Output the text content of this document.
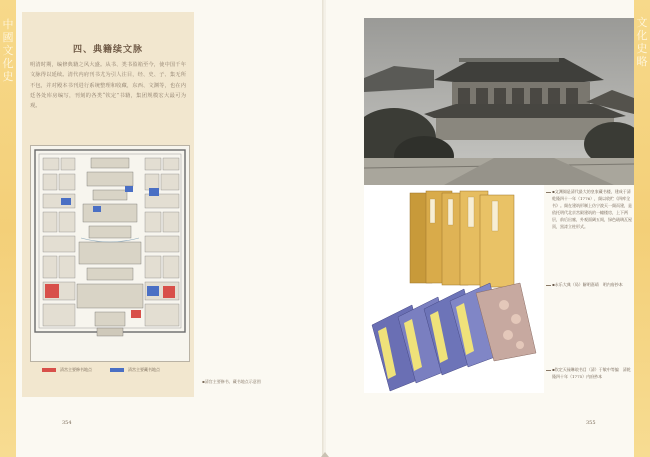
中國文化史
四、典籍续文脉
明清时期，编修典籍之风大盛。从书、类书盈箱至今，使中国千年文脉得以延续。清代内府刊书尤为引人注目，经、史、子、集无所不包，并对殿本书刊进行系统整理和收藏，东西、文渊等，也在内廷各处库房编写，刊刻的各类“钦定”书籍，集团规模宏大最可为观。
清宫主要修书地点	清宫主要藏书地点
▪清宫主要修书、藏书地点示意图
354
▪文渊阁是清代最大的皇家藏书楼，建成于清乾隆四十一年（1776），阁以收贮《四库全书》。阁在建筑形制上仿宁波天一阁而建，是依托明代北京宫殿建筑的一幢楼房，上下两层，前后出廊，外观面阔五间，绿色琉璃瓦屋顶，黑漆立柱形式。
▪永乐大典（局）解明嘉靖　明内府抄本
▪钦定天禄琳琅书目（清）于敏中等编　清乾隆四十年（1775）内府抄本
355
文化史略
